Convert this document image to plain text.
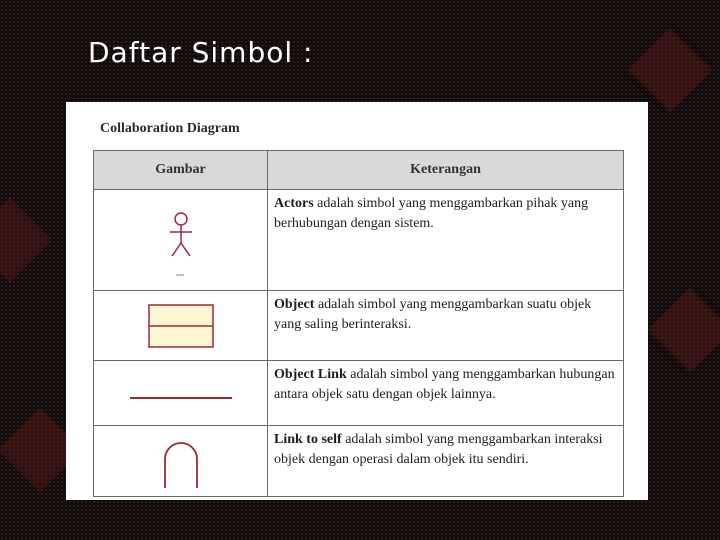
Daftar Simbol :
Collaboration Diagram
Gambar	Keterangan

actor	Actors adalah simbol yang menggambarkan pihak yang berhubungan dengan sistem.

	Object adalah simbol yang menggambarkan suatu objek yang saling berinteraksi.

	Object Link adalah simbol yang menggambarkan hubungan antara objek satu dengan objek lainnya.

	Link to self adalah simbol yang menggambarkan interaksi objek dengan operasi dalam objek itu sendiri.
